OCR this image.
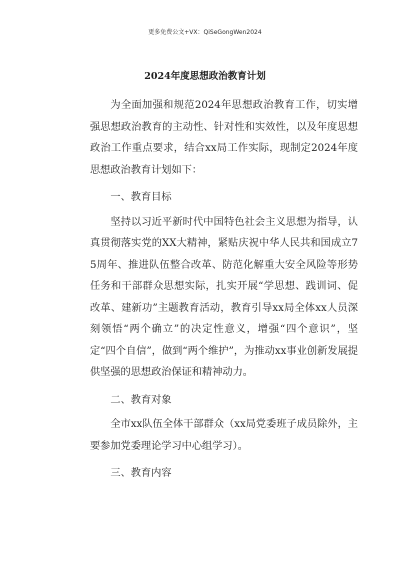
更多免费公文+VX：QiSeGongWen2024
2024年度思想政治教育计划

为全面加强和规范2024年思想政治教育工作，切实增强思想政治教育的主动性、针对性和实效性，以及年度思想政治工作重点要求，结合xx局工作实际，现制定2024年度思想政治教育计划如下：

一、教育目标

坚持以习近平新时代中国特色社会主义思想为指导，认真贯彻落实党的XX大精神，紧贴庆祝中华人民共和国成立75周年、推进队伍整合改革、防范化解重大安全风险等形势任务和干部群众思想实际，扎实开展“学思想、践训词、促改革、建新功”主题教育活动，教育引导xx局全体xx人员深刻领悟“两个确立”的决定性意义，增强“四个意识”，坚定“四个自信”，做到“两个维护”，为推动xx事业创新发展提供坚强的思想政治保证和精神动力。

二、教育对象

全市xx队伍全体干部群众（xx局党委班子成员除外，主要参加党委理论学习中心组学习）。

三、教育内容
